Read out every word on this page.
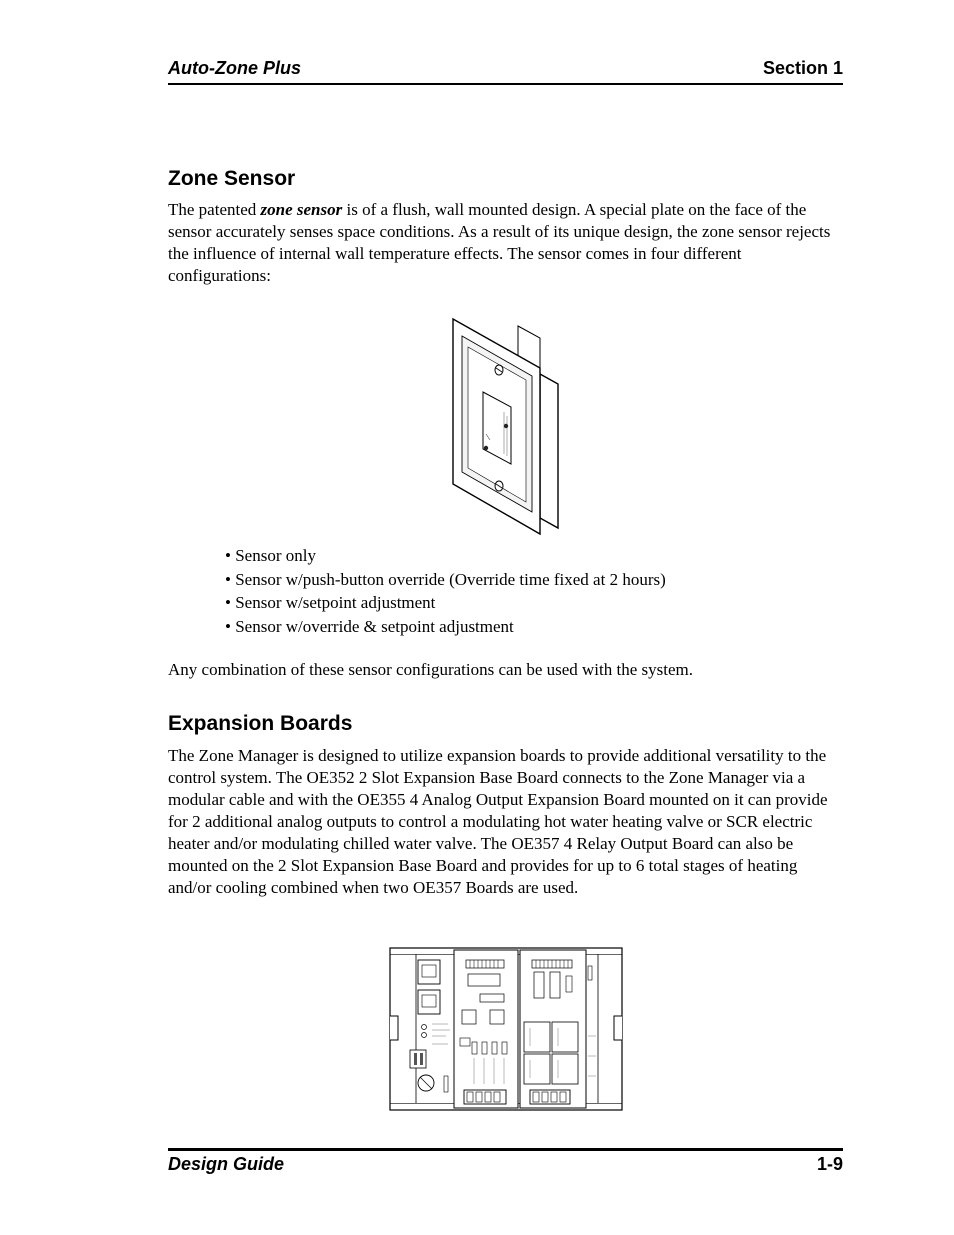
Auto-Zone Plus	Section 1
Zone Sensor

The patented zone sensor is of a flush, wall mounted design. A special plate on the face of the sensor accurately senses space conditions. As a result of its unique design, the zone sensor rejects the influence of internal wall temperature effects. The sensor comes in four different configurations:

• Sensor only
• Sensor w/push-button override (Override time fixed at 2 hours)
• Sensor w/setpoint adjustment
• Sensor w/override & setpoint adjustment

Any combination of these sensor configurations can be used with the system.

Expansion Boards

The Zone Manager is designed to utilize expansion boards to provide additional versatility to the control system. The OE352 2 Slot Expansion Base Board connects to the Zone Manager via a modular cable and with the OE355 4 Analog Output Expansion Board mounted on it can provide for 2 additional analog outputs to control a modulating hot water heating valve or SCR electric heater and/or modulating chilled water valve. The OE357 4 Relay Output Board can also be mounted on the 2 Slot Expansion Base Board and provides for up to 6 total stages of heating and/or cooling combined when two OE357 Boards are used.

Design Guide	1-9
